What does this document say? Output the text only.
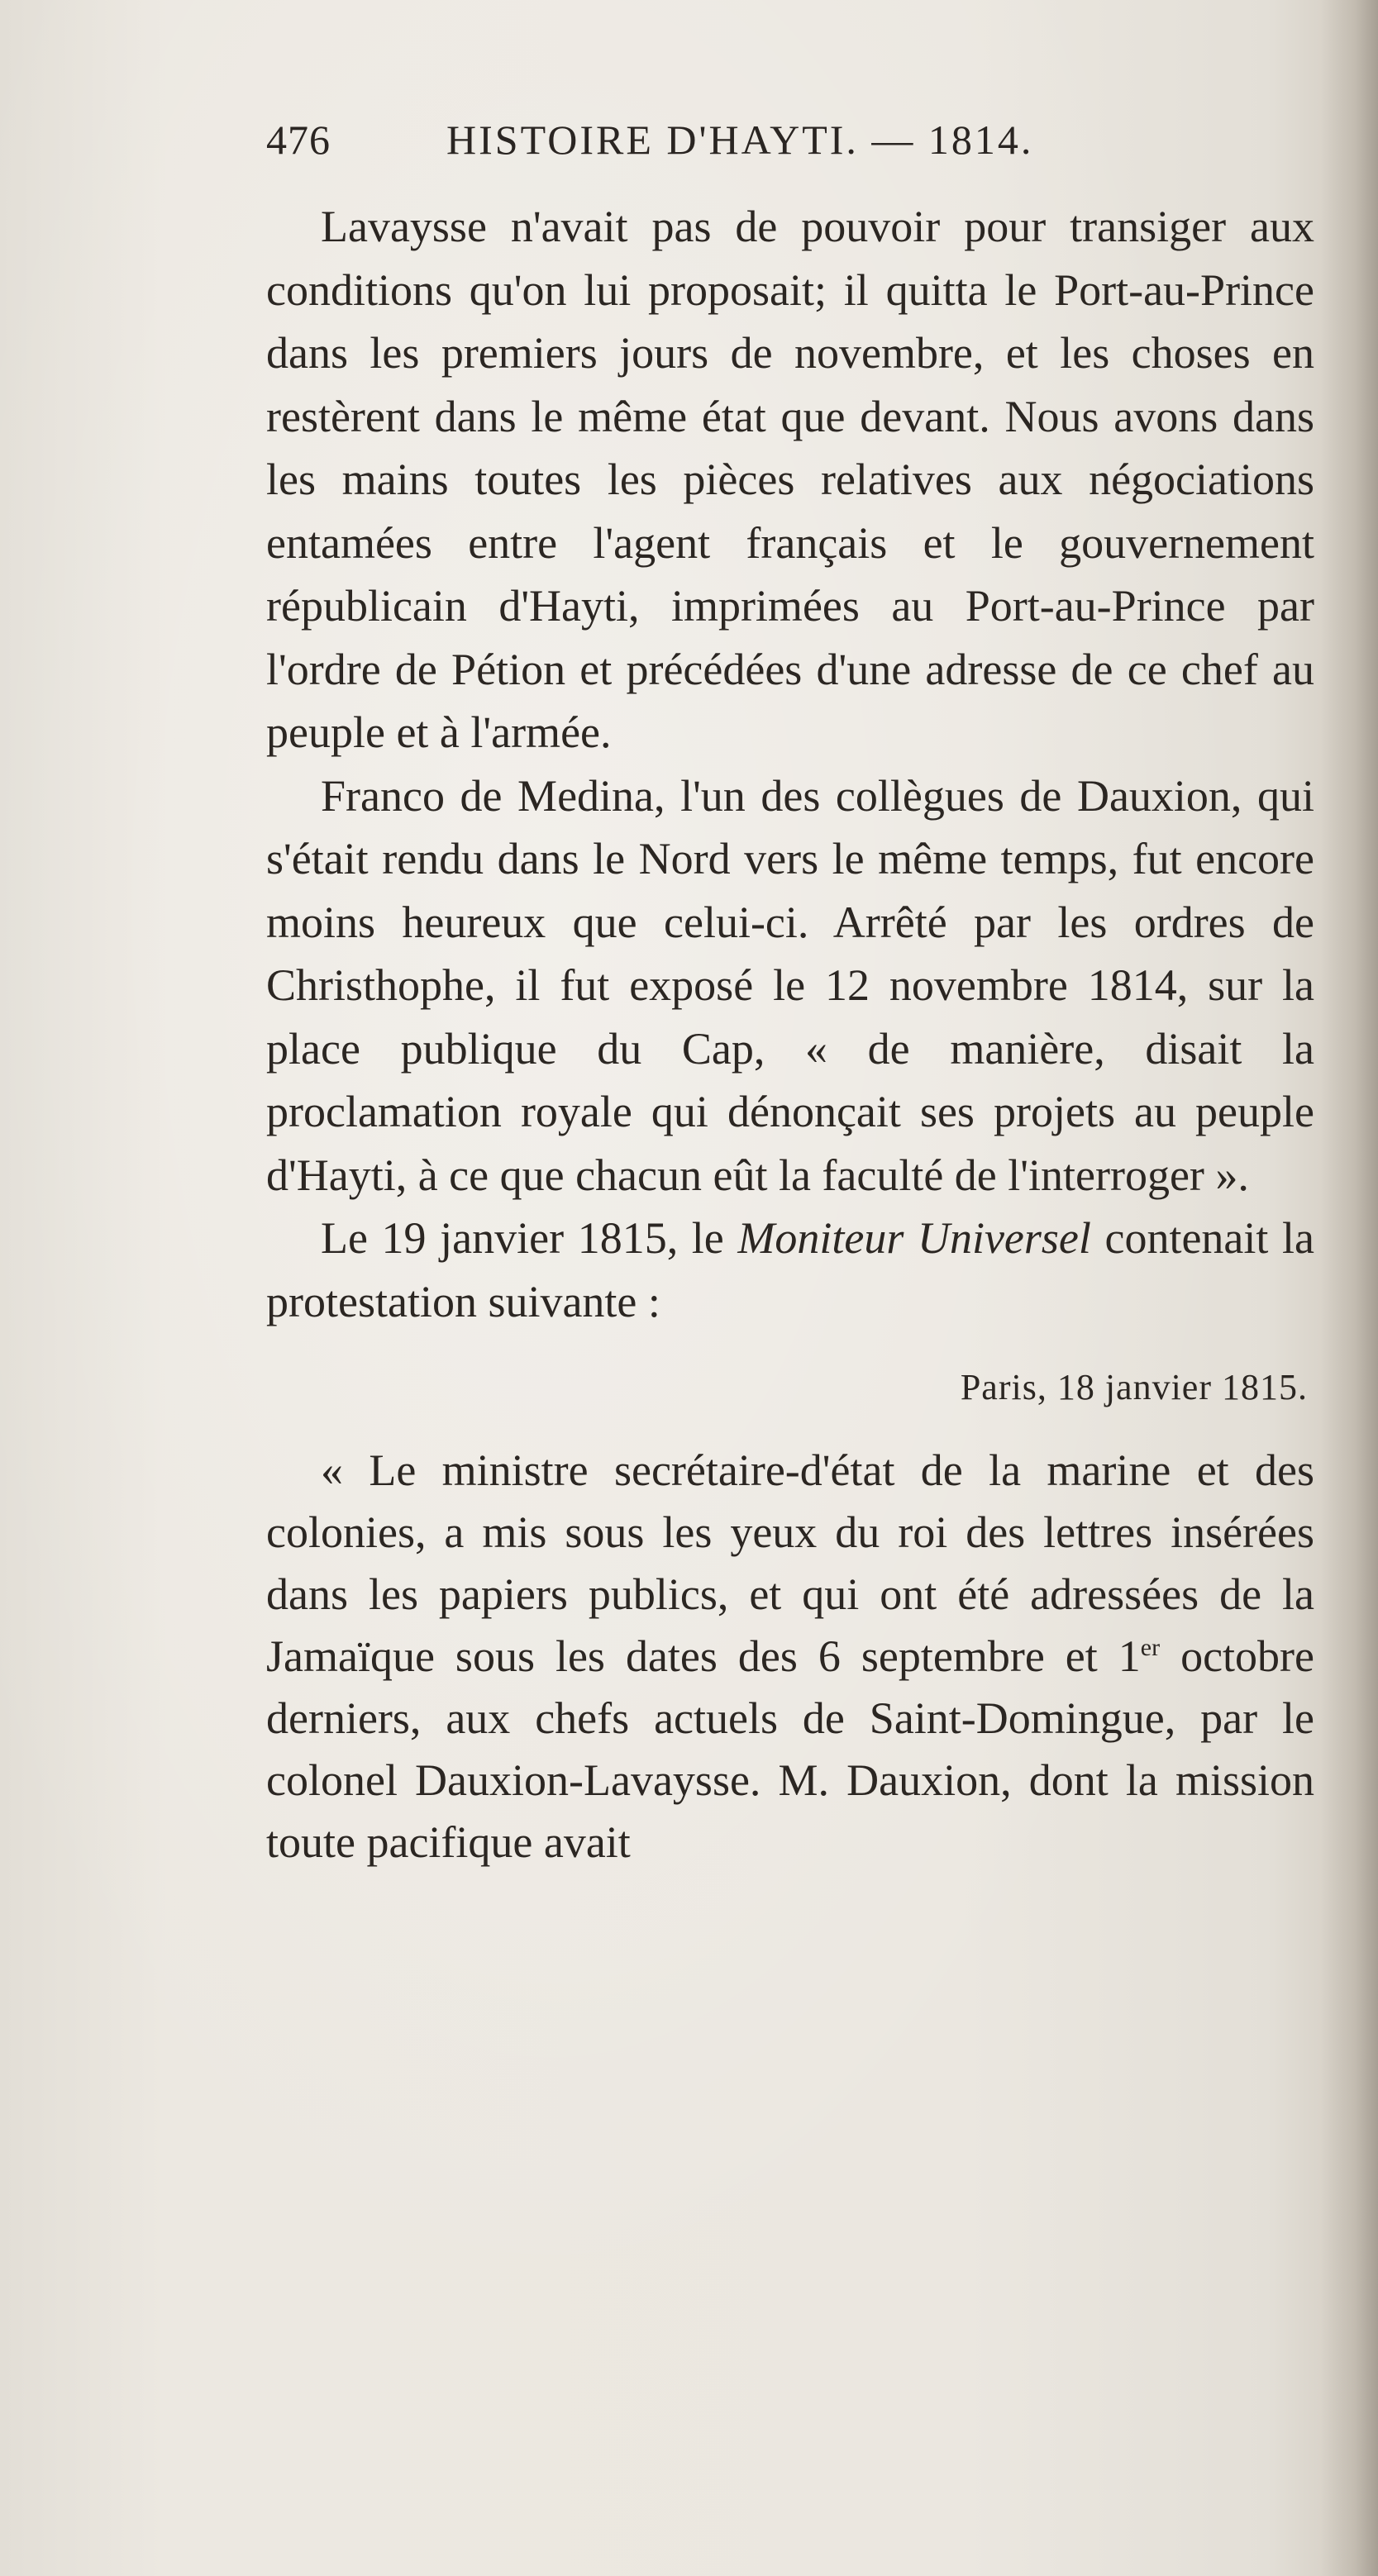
476	HISTOIRE D'HAYTI. — 1814.

Lavaysse n'avait pas de pouvoir pour transiger aux conditions qu'on lui proposait; il quitta le Port-au-Prince dans les premiers jours de novembre, et les choses en restèrent dans le même état que devant. Nous avons dans les mains toutes les pièces relatives aux négociations entamées entre l'agent français et le gouvernement républicain d'Hayti, imprimées au Port-au-Prince par l'ordre de Pétion et précédées d'une adresse de ce chef au peuple et à l'armée.

Franco de Medina, l'un des collègues de Dauxion, qui s'était rendu dans le Nord vers le même temps, fut encore moins heureux que celui-ci. Arrêté par les ordres de Christhophe, il fut exposé le 12 novembre 1814, sur la place publique du Cap, « de manière, disait la proclamation royale qui dénonçait ses projets au peuple d'Hayti, à ce que chacun eût la faculté de l'interroger ».

Le 19 janvier 1815, le Moniteur Universel contenait la protestation suivante :

Paris, 18 janvier 1815.

« Le ministre secrétaire-d'état de la marine et des colonies, a mis sous les yeux du roi des lettres insérées dans les papiers publics, et qui ont été adressées de la Jamaïque sous les dates des 6 septembre et 1er octobre derniers, aux chefs actuels de Saint-Domingue, par le colonel Dauxion-Lavaysse. M. Dauxion, dont la mission toute pacifique avait
